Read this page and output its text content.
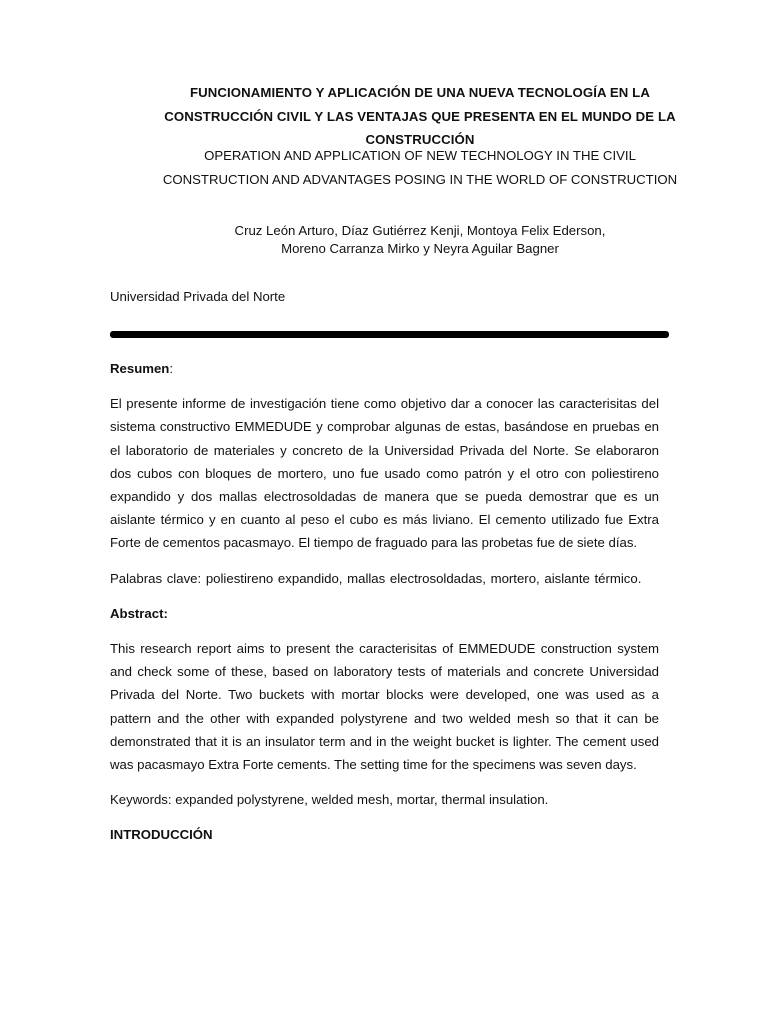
FUNCIONAMIENTO Y APLICACIÓN DE UNA NUEVA TECNOLOGÍA EN LA CONSTRUCCIÓN CIVIL Y LAS VENTAJAS QUE PRESENTA EN EL MUNDO DE LA CONSTRUCCIÓN
OPERATION AND APPLICATION OF NEW TECHNOLOGY IN THE CIVIL CONSTRUCTION AND ADVANTAGES POSING IN THE WORLD OF CONSTRUCTION
Cruz León Arturo, Díaz Gutiérrez Kenji, Montoya Felix Ederson,
Moreno Carranza Mirko y Neyra Aguilar Bagner
Universidad Privada del Norte

Resumen:

El presente informe de investigación tiene como objetivo dar a conocer las caracterisitas del sistema constructivo EMMEDUDE y comprobar algunas de estas, basándose en pruebas en el laboratorio de materiales y concreto de la Universidad Privada del Norte. Se elaboraron dos cubos con bloques de mortero, uno fue usado como patrón y el otro con poliestireno expandido y dos mallas electrosoldadas de manera que se pueda demostrar que es un aislante térmico y en cuanto al peso el cubo es más liviano. El cemento utilizado fue Extra Forte de cementos pacasmayo. El tiempo de fraguado para las probetas fue de siete días.

Palabras clave: poliestireno expandido, mallas electrosoldadas, mortero, aislante térmico.

Abstract:

This research report aims to present the caracterisitas of EMMEDUDE construction system and check some of these, based on laboratory tests of materials and concrete Universidad Privada del Norte. Two buckets with mortar blocks were developed, one was used as a pattern and the other with expanded polystyrene and two welded mesh so that it can be demonstrated that it is an insulator term and in the weight bucket is lighter. The cement used was pacasmayo Extra Forte cements. The setting time for the specimens was seven days.

Keywords: expanded polystyrene, welded mesh, mortar, thermal insulation.

INTRODUCCIÓN
